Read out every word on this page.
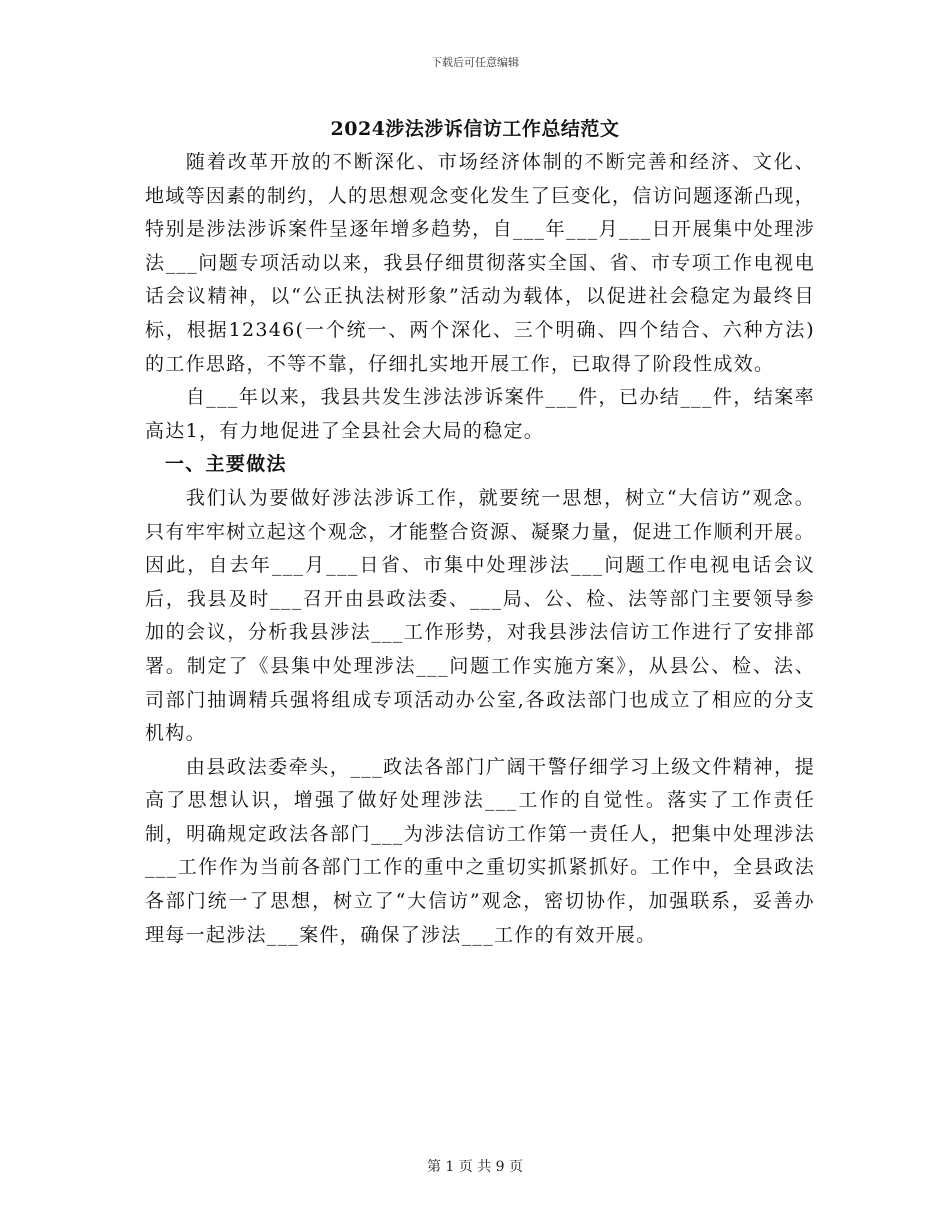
下载后可任意编辑
2024涉法涉诉信访工作总结范文

随着改革开放的不断深化、市场经济体制的不断完善和经济、文化、地域等因素的制约，人的思想观念变化发生了巨变化，信访问题逐渐凸现，特别是涉法涉诉案件呈逐年增多趋势，自___年___月___日开展集中处理涉法___问题专项活动以来，我县仔细贯彻落实全国、省、市专项工作电视电话会议精神，以“公正执法树形象”活动为载体，以促进社会稳定为最终目标，根据12346(一个统一、两个深化、三个明确、四个结合、六种方法)的工作思路，不等不靠，仔细扎实地开展工作，已取得了阶段性成效。

自___年以来，我县共发生涉法涉诉案件___件，已办结___件，结案率高达1，有力地促进了全县社会大局的稳定。

一、主要做法

我们认为要做好涉法涉诉工作，就要统一思想，树立“大信访”观念。只有牢牢树立起这个观念，才能整合资源、凝聚力量，促进工作顺利开展。因此，自去年___月___日省、市集中处理涉法___问题工作电视电话会议后，我县及时___召开由县政法委、___局、公、检、法等部门主要领导参加的会议，分析我县涉法___工作形势，对我县涉法信访工作进行了安排部署。制定了《县集中处理涉法___问题工作实施方案》，从县公、检、法、司部门抽调精兵强将组成专项活动办公室,各政法部门也成立了相应的分支机构。

由县政法委牵头，___政法各部门广阔干警仔细学习上级文件精神，提高了思想认识，增强了做好处理涉法___工作的自觉性。落实了工作责任制，明确规定政法各部门___为涉法信访工作第一责任人，把集中处理涉法___工作作为当前各部门工作的重中之重切实抓紧抓好。工作中，全县政法各部门统一了思想，树立了“大信访”观念，密切协作，加强联系，妥善办理每一起涉法___案件，确保了涉法___工作的有效开展。

第 1 页 共 9 页
